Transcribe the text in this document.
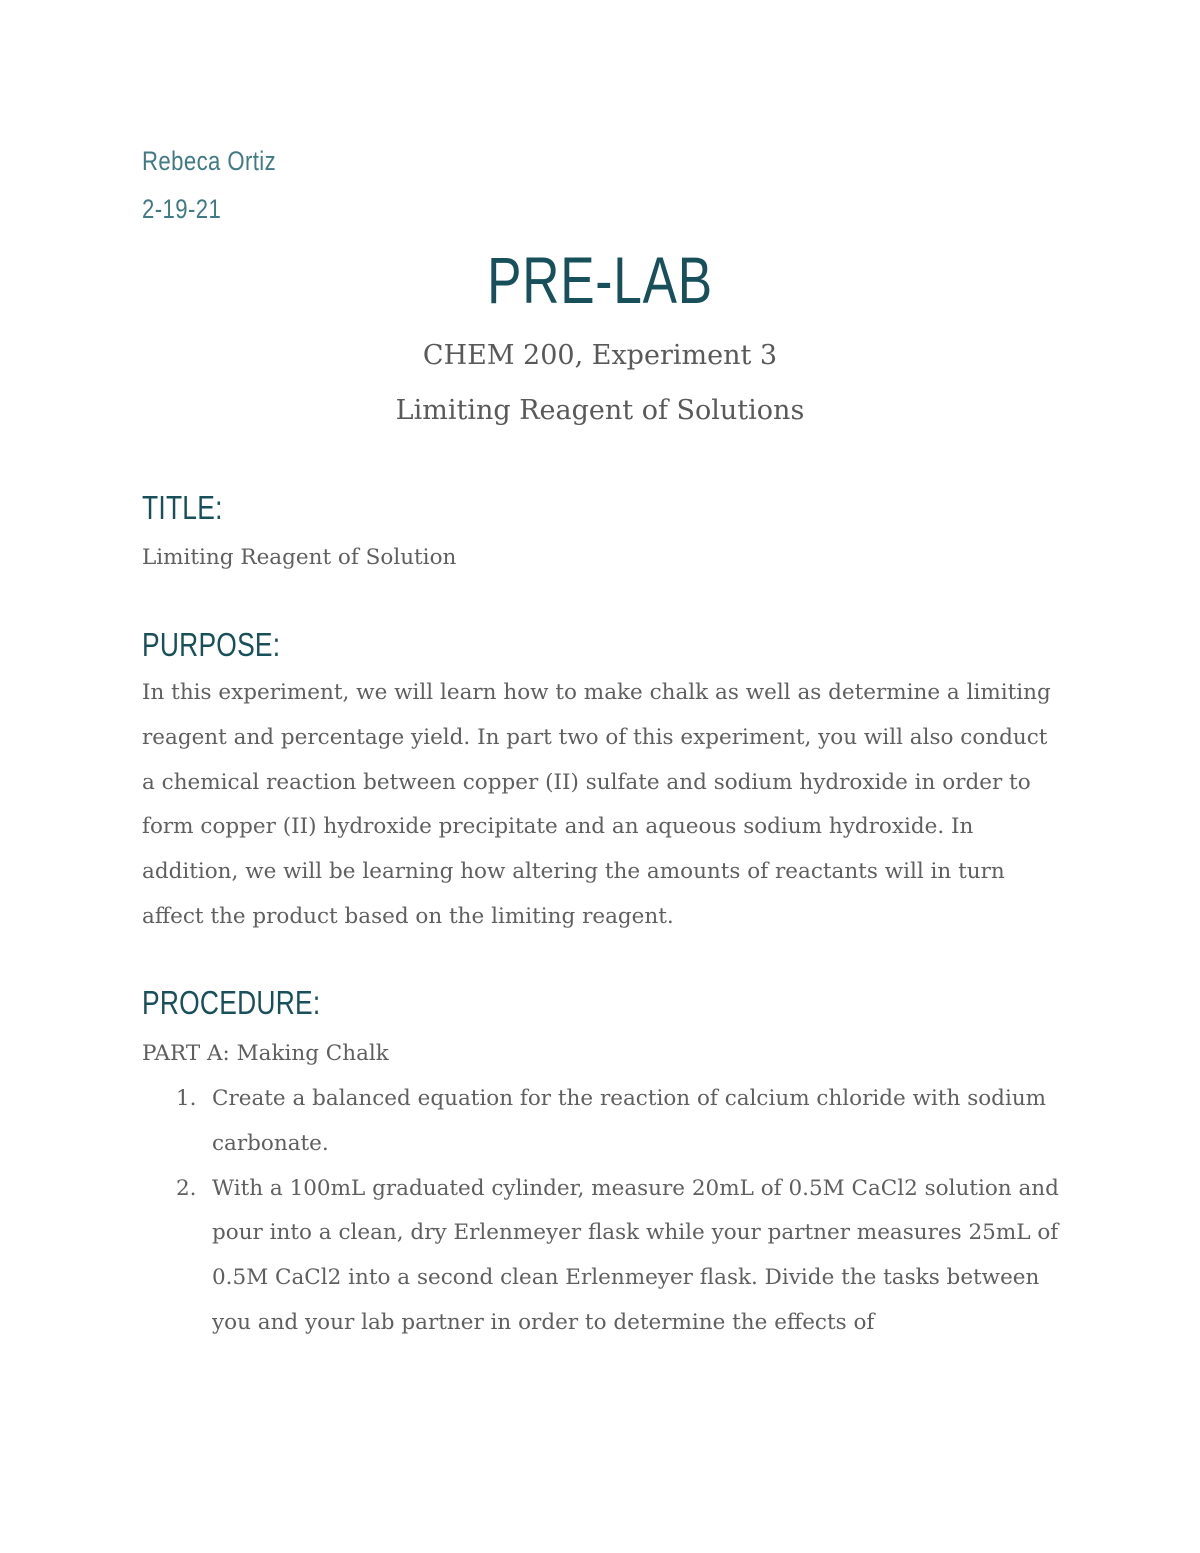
Rebeca Ortiz
2-19-21
PRE-LAB
CHEM 200, Experiment 3
Limiting Reagent of Solutions
TITLE:
Limiting Reagent of Solution
PURPOSE:
In this experiment, we will learn how to make chalk as well as determine a limiting reagent and percentage yield. In part two of this experiment, you will also conduct a chemical reaction between copper (II) sulfate and sodium hydroxide in order to form copper (II) hydroxide precipitate and an aqueous sodium hydroxide. In addition, we will be learning how altering the amounts of reactants will in turn affect the product based on the limiting reagent.
PROCEDURE:
PART A: Making Chalk
1. Create a balanced equation for the reaction of calcium chloride with sodium carbonate.
2. With a 100mL graduated cylinder, measure 20mL of 0.5M CaCl2 solution and pour into a clean, dry Erlenmeyer flask while your partner measures 25mL of 0.5M CaCl2 into a second clean Erlenmeyer flask. Divide the tasks between you and your lab partner in order to determine the effects of
